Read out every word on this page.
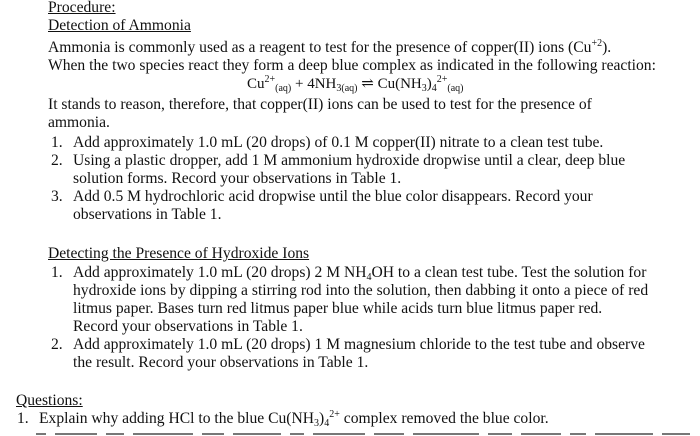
Procedure:
Detection of Ammonia
Ammonia is commonly used as a reagent to test for the presence of copper(II) ions $(Cu^{+2})$.
When the two species react they form a deep blue complex as indicated in the following reaction:
$Cu^{2+}_{(aq)} + 4NH_{3(aq)}$ ⇌ $Cu(NH_3)_4^{2+}_{(aq)}$
It stands to reason, therefore, that copper(II) ions can be used to test for the presence of
ammonia.
1. Add approximately 1.0 mL (20 drops) of 0.1 M copper(II) nitrate to a clean test tube.
2. Using a plastic dropper, add 1 M ammonium hydroxide dropwise until a clear, deep blue
solution forms. Record your observations in Table 1.
3. Add 0.5 M hydrochloric acid dropwise until the blue color disappears. Record your
observations in Table 1.
Detecting the Presence of Hydroxide Ions
1. Add approximately 1.0 mL (20 drops) 2 M $NH_4OH$ to a clean test tube. Test the solution for
hydroxide ions by dipping a stirring rod into the solution, then dabbing it onto a piece of red
litmus paper. Bases turn red litmus paper blue while acids turn blue litmus paper red.
Record your observations in Table 1.
2. Add approximately 1.0 mL (20 drops) 1 M magnesium chloride to the test tube and observe
the result. Record your observations in Table 1.
Questions:
1. Explain why adding HCl to the blue $Cu(NH_3)_4^{2+}$ complex removed the blue color.
